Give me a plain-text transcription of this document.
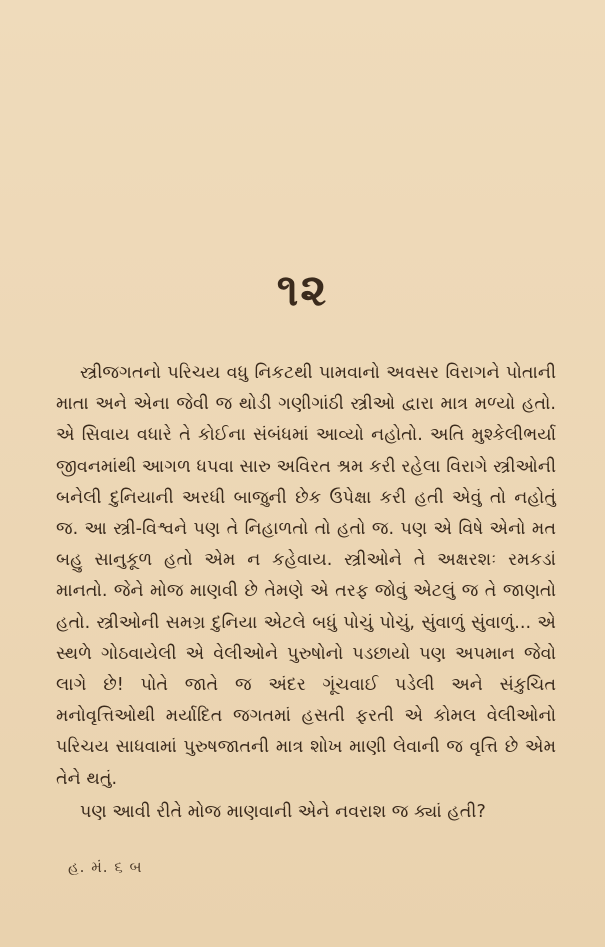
૧૨

સ્ત્રીજગતનો પરિચય વધુ નિકટથી પામવાનો અવસર વિરાગને પોતાની માતા અને એના જેવી જ થોડી ગણીગાંઠી સ્ત્રીઓ દ્વારા માત્ર મળ્યો હતો. એ સિવાય વધારે તે કોઈના સંબંધમાં આવ્યો નહોતો. અતિ મુશ્કેલીભર્યા જીવનમાંથી આગળ ધપવા સારુ અવિરત શ્રમ કરી રહેલા વિરાગે સ્ત્રીઓની બનેલી દુનિયાની અરધી બાજુની છેક ઉપેક્ષા કરી હતી એવું તો નહોતું જ. આ સ્ત્રી-વિશ્વને પણ તે નિહાળતો તો હતો જ. પણ એ વિષે એનો મત બહુ સાનુકૂળ હતો એમ ન કહેવાય. સ્ત્રીઓને તે અક્ષરશઃ રમકડાં માનતો. જેને મોજ માણવી છે તેમણે એ તરફ જોવું એટલું જ તે જાણતો હતો. સ્ત્રીઓની સમગ્ર દુનિયા એટલે બધું પોચું પોચું, સુંવાળું સુંવાળું... એ સ્થળે ગોઠવાયેલી એ વેલીઓને પુરુષોનો પડછાયો પણ અપમાન જેવો લાગે છે! પોતે જાતે જ અંદર ગૂંચવાઈ પડેલી અને સંકુચિત મનોવૃત્તિઓથી મર્યાદિત જગતમાં હસતી ફરતી એ કોમલ વેલીઓનો પરિચય સાધવામાં પુરુષજાતની માત્ર શોખ માણી લેવાની જ વૃત્તિ છે એમ તેને થતું.

પણ આવી રીતે મોજ માણવાની એને નવરાશ જ ક્યાં હતી?

હ. મં. ૬ બ
